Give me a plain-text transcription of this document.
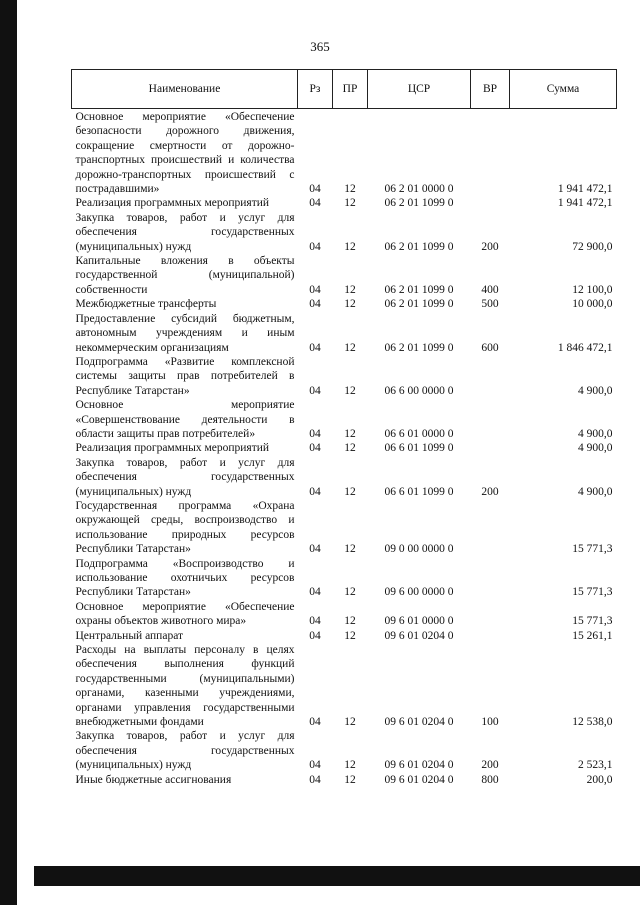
365
Наименование	Рз	ПР	ЦСР	ВР	Сумма
Основное мероприятие «Обеспечение безопасности дорожного движения, сокращение смертности от дорожно-транспортных происшествий и количества дорожно-транспортных происшествий с пострадавшими»	04	12	06 2 01 0000 0		1 941 472,1
Реализация программных мероприятий	04	12	06 2 01 1099 0		1 941 472,1
Закупка товаров, работ и услуг для обеспечения государственных (муниципальных) нужд	04	12	06 2 01 1099 0	200	72 900,0
Капитальные вложения в объекты государственной (муниципальной) собственности	04	12	06 2 01 1099 0	400	12 100,0
Межбюджетные трансферты	04	12	06 2 01 1099 0	500	10 000,0
Предоставление субсидий бюджетным, автономным учреждениям и иным некоммерческим организациям	04	12	06 2 01 1099 0	600	1 846 472,1
Подпрограмма «Развитие комплексной системы защиты прав потребителей в Республике Татарстан»	04	12	06 6 00 0000 0		4 900,0
Основное мероприятие «Совершенствование деятельности в области защиты прав потребителей»	04	12	06 6 01 0000 0		4 900,0
Реализация программных мероприятий	04	12	06 6 01 1099 0		4 900,0
Закупка товаров, работ и услуг для обеспечения государственных (муниципальных) нужд	04	12	06 6 01 1099 0	200	4 900,0
Государственная программа «Охрана окружающей среды, воспроизводство и использование природных ресурсов Республики Татарстан»	04	12	09 0 00 0000 0		15 771,3
Подпрограмма «Воспроизводство и использование охотничьих ресурсов Республики Татарстан»	04	12	09 6 00 0000 0		15 771,3
Основное мероприятие «Обеспечение охраны объектов животного мира»	04	12	09 6 01 0000 0		15 771,3
Центральный аппарат	04	12	09 6 01 0204 0		15 261,1
Расходы на выплаты персоналу в целях обеспечения выполнения функций государственными (муниципальными) органами, казенными учреждениями, органами управления государственными внебюджетными фондами	04	12	09 6 01 0204 0	100	12 538,0
Закупка товаров, работ и услуг для обеспечения государственных (муниципальных) нужд	04	12	09 6 01 0204 0	200	2 523,1
Иные бюджетные ассигнования	04	12	09 6 01 0204 0	800	200,0
